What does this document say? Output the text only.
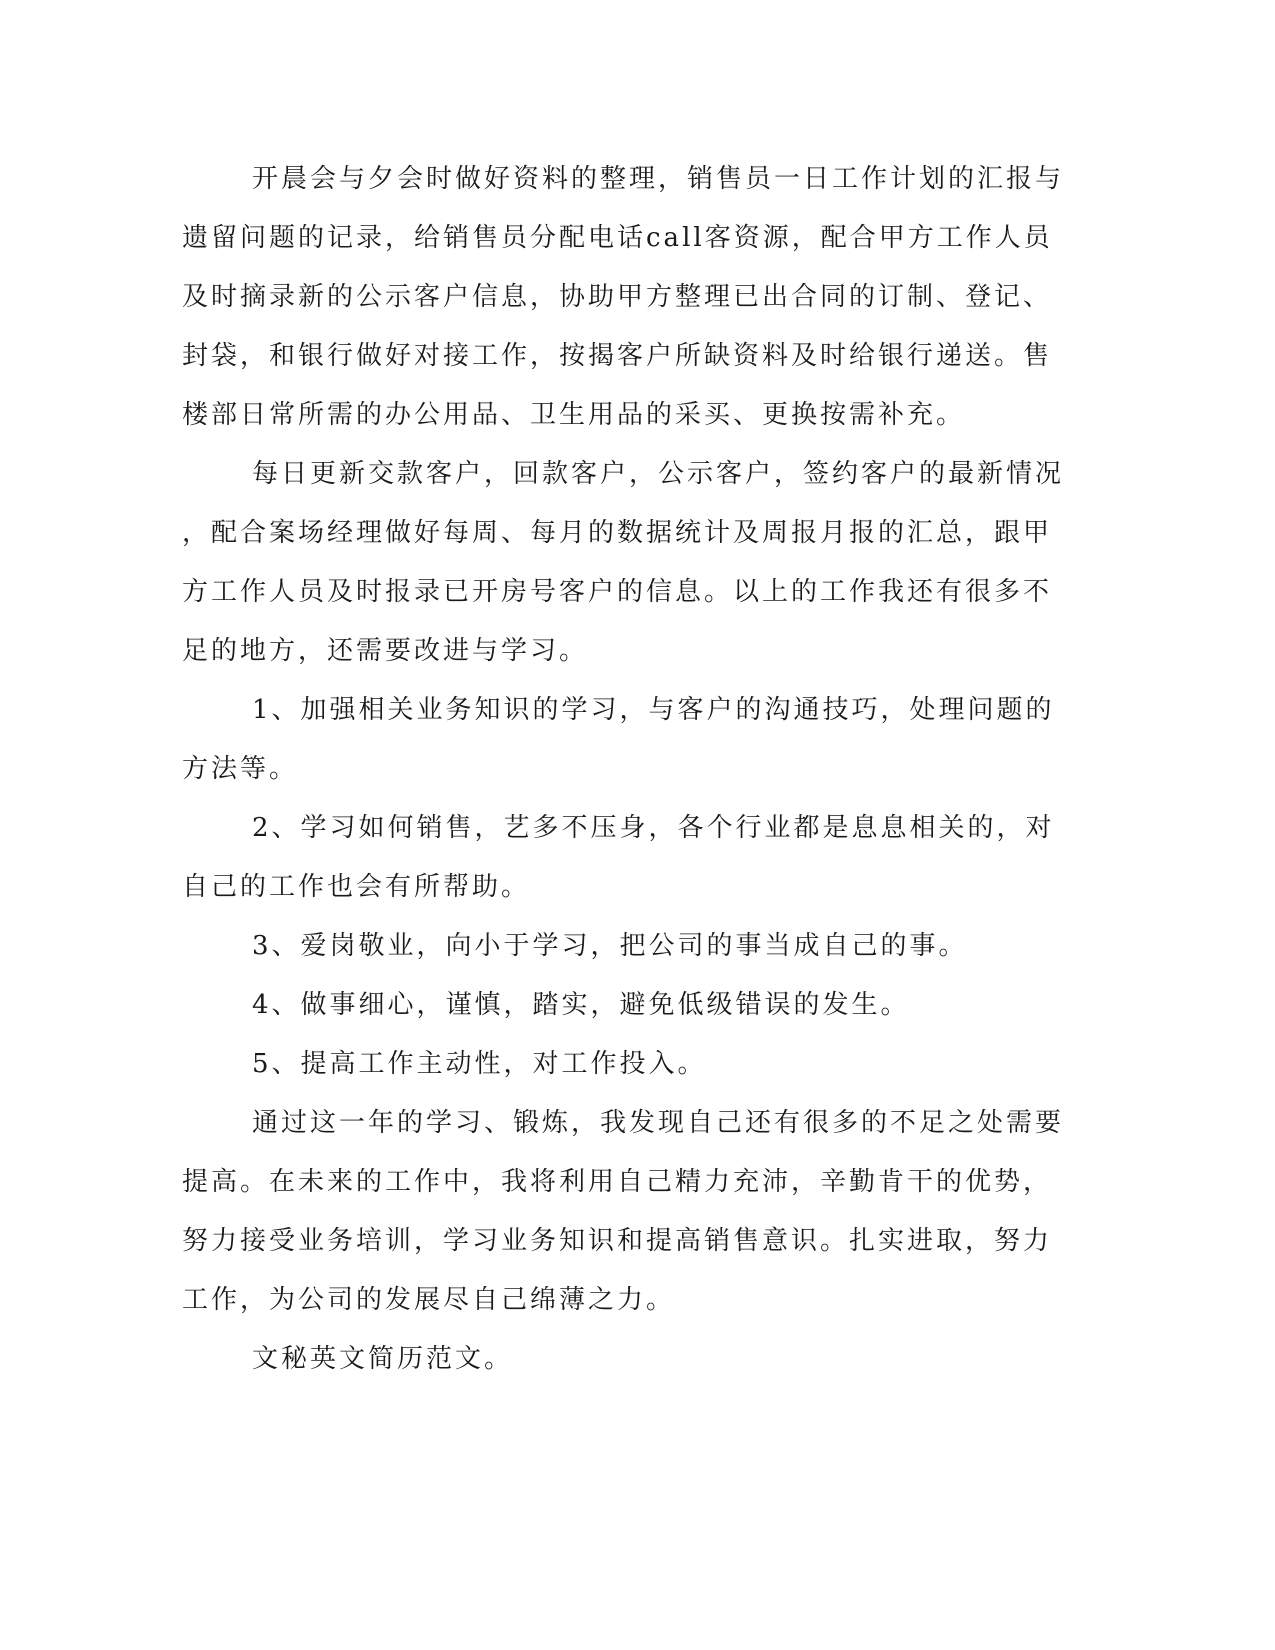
开晨会与夕会时做好资料的整理，销售员一日工作计划的汇报与
遗留问题的记录，给销售员分配电话call客资源，配合甲方工作人员
及时摘录新的公示客户信息，协助甲方整理已出合同的订制、登记、
封袋，和银行做好对接工作，按揭客户所缺资料及时给银行递送。售
楼部日常所需的办公用品、卫生用品的采买、更换按需补充。
每日更新交款客户，回款客户，公示客户，签约客户的最新情况
，配合案场经理做好每周、每月的数据统计及周报月报的汇总，跟甲
方工作人员及时报录已开房号客户的信息。以上的工作我还有很多不
足的地方，还需要改进与学习。
1、加强相关业务知识的学习，与客户的沟通技巧，处理问题的
方法等。
2、学习如何销售，艺多不压身，各个行业都是息息相关的，对
自己的工作也会有所帮助。
3、爱岗敬业，向小于学习，把公司的事当成自己的事。
4、做事细心，谨慎，踏实，避免低级错误的发生。
5、提高工作主动性，对工作投入。
通过这一年的学习、锻炼，我发现自己还有很多的不足之处需要
提高。在未来的工作中，我将利用自己精力充沛，辛勤肯干的优势，
努力接受业务培训，学习业务知识和提高销售意识。扎实进取，努力
工作，为公司的发展尽自己绵薄之力。
文秘英文简历范文。
